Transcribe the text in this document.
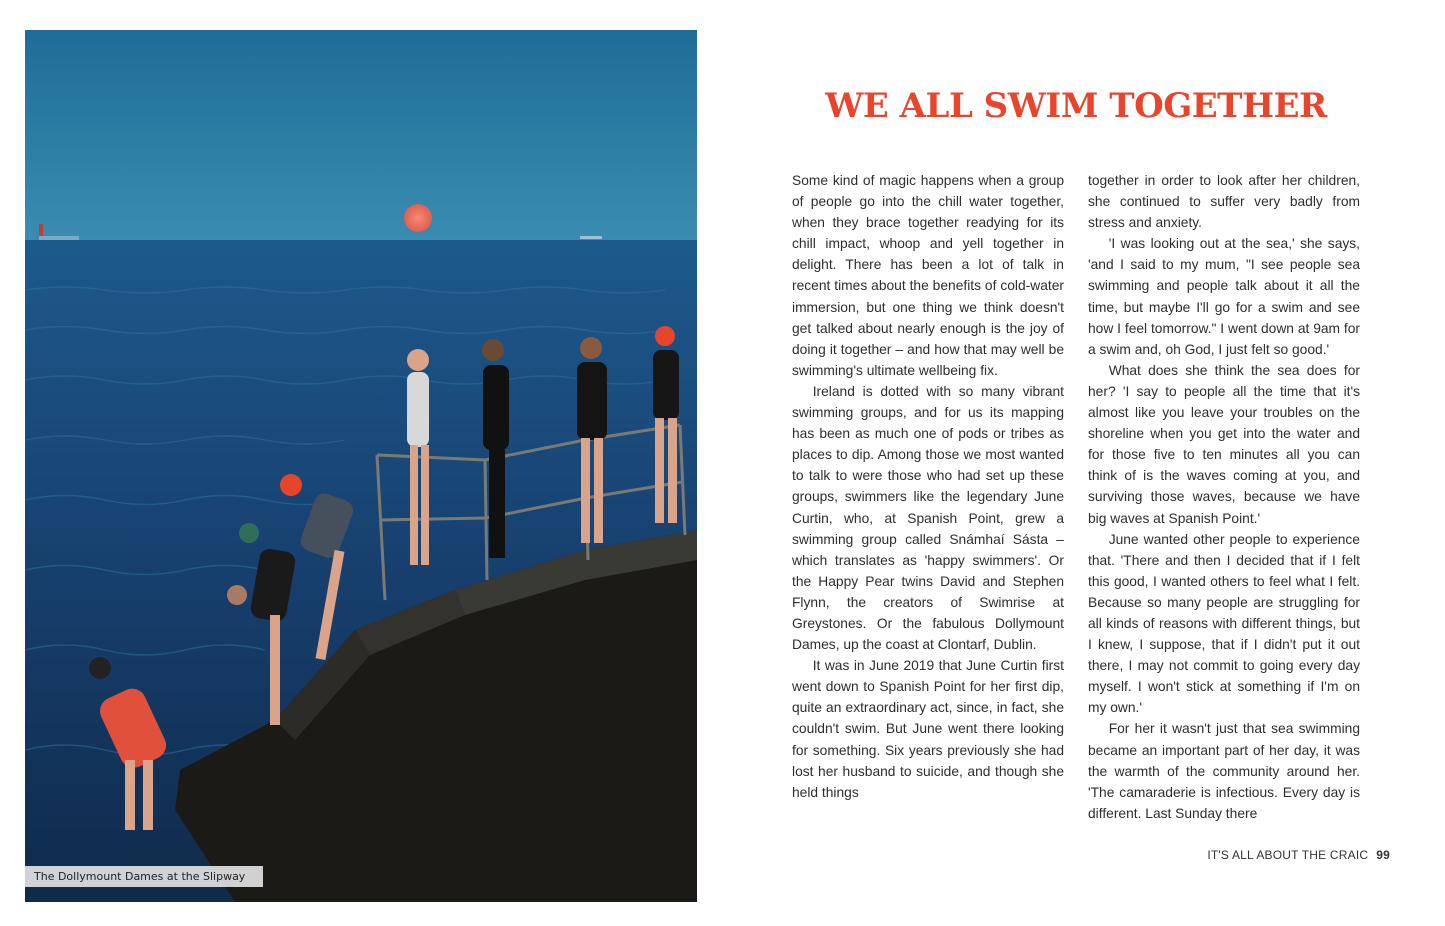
The Dollymount Dames at the Slipway
WE ALL SWIM TOGETHER

Some kind of magic happens when a group of people go into the chill water together, when they brace together readying for its chill impact, whoop and yell together in delight. There has been a lot of talk in recent times about the benefits of cold-water immersion, but one thing we think doesn't get talked about nearly enough is the joy of doing it together – and how that may well be swimming's ultimate wellbeing fix.

Ireland is dotted with so many vibrant swimming groups, and for us its mapping has been as much one of pods or tribes as places to dip. Among those we most wanted to talk to were those who had set up these groups, swimmers like the legendary June Curtin, who, at Spanish Point, grew a swimming group called Snámhaí Sásta – which translates as 'happy swimmers'. Or the Happy Pear twins David and Stephen Flynn, the creators of Swimrise at Greystones. Or the fabulous Dollymount Dames, up the coast at Clontarf, Dublin.

It was in June 2019 that June Curtin first went down to Spanish Point for her first dip, quite an extraordinary act, since, in fact, she couldn't swim. But June went there looking for something. Six years previously she had lost her husband to suicide, and though she held things

together in order to look after her children, she continued to suffer very badly from stress and anxiety.

'I was looking out at the sea,' she says, 'and I said to my mum, "I see people sea swimming and people talk about it all the time, but maybe I'll go for a swim and see how I feel tomorrow." I went down at 9am for a swim and, oh God, I just felt so good.'

What does she think the sea does for her? 'I say to people all the time that it's almost like you leave your troubles on the shoreline when you get into the water and for those five to ten minutes all you can think of is the waves coming at you, and surviving those waves, because we have big waves at Spanish Point.'

June wanted other people to experience that. 'There and then I decided that if I felt this good, I wanted others to feel what I felt. Because so many people are struggling for all kinds of reasons with different things, but I knew, I suppose, that if I didn't put it out there, I may not commit to going every day myself. I won't stick at something if I'm on my own.'

For her it wasn't just that sea swimming became an important part of her day, it was the warmth of the community around her. 'The camaraderie is infectious. Every day is different. Last Sunday there

IT'S ALL ABOUT THE CRAIC 99
